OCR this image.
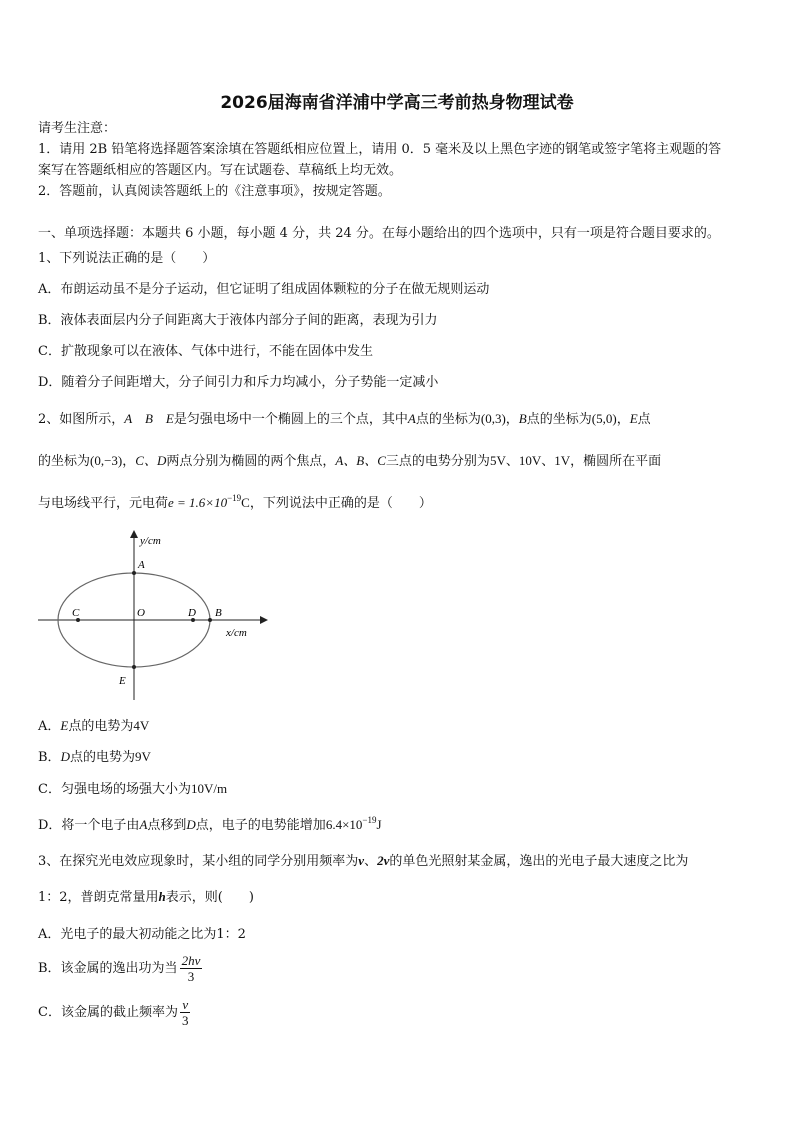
2026届海南省洋浦中学高三考前热身物理试卷
请考生注意：
1．请用 2B 铅笔将选择题答案涂填在答题纸相应位置上，请用 0．5 毫米及以上黑色字迹的钢笔或签字笔将主观题的答
案写在答题纸相应的答题区内。写在试题卷、草稿纸上均无效。
2．答题前，认真阅读答题纸上的《注意事项》，按规定答题。
一、单项选择题：本题共 6 小题，每小题 4 分，共 24 分。在每小题给出的四个选项中，只有一项是符合题目要求的。
1、下列说法正确的是（　　）
A．布朗运动虽不是分子运动，但它证明了组成固体颗粒的分子在做无规则运动
B．液体表面层内分子间距离大于液体内部分子间的距离，表现为引力
C．扩散现象可以在液体、气体中进行，不能在固体中发生
D．随着分子间距增大，分子间引力和斥力均减小，分子势能一定减小
2、如图所示，A　B　E是匀强电场中一个椭圆上的三个点，其中A点的坐标为(0,3)，B点的坐标为(5,0)，E点
的坐标为(0,−3)，C、D两点分别为椭圆的两个焦点，A、B、C三点的电势分别为5V、10V、1V，椭圆所在平面
与电场线平行，元电荷$e = 1.6\times 10^{-19}C$，下列说法中正确的是（　　）
y/cm
x/cm
A
B
C	D
E
O
A．E点的电势为4V
B．D点的电势为9V
C．匀强电场的场强大小为10V/m
D．将一个电子由A点移到D点，电子的电势能增加$6.4\times 10^{-19}J$
3、在探究光电效应现象时，某小组的同学分别用频率为v、2v的单色光照射某金属，逸出的光电子最大速度之比为
1：2，普朗克常量用h表示，则(　　)
A．光电子的最大初动能之比为1：2
B．该金属的逸出功为当 $\frac{2hv}{3}$
C．该金属的截止频率为 $\frac{v}{3}$
